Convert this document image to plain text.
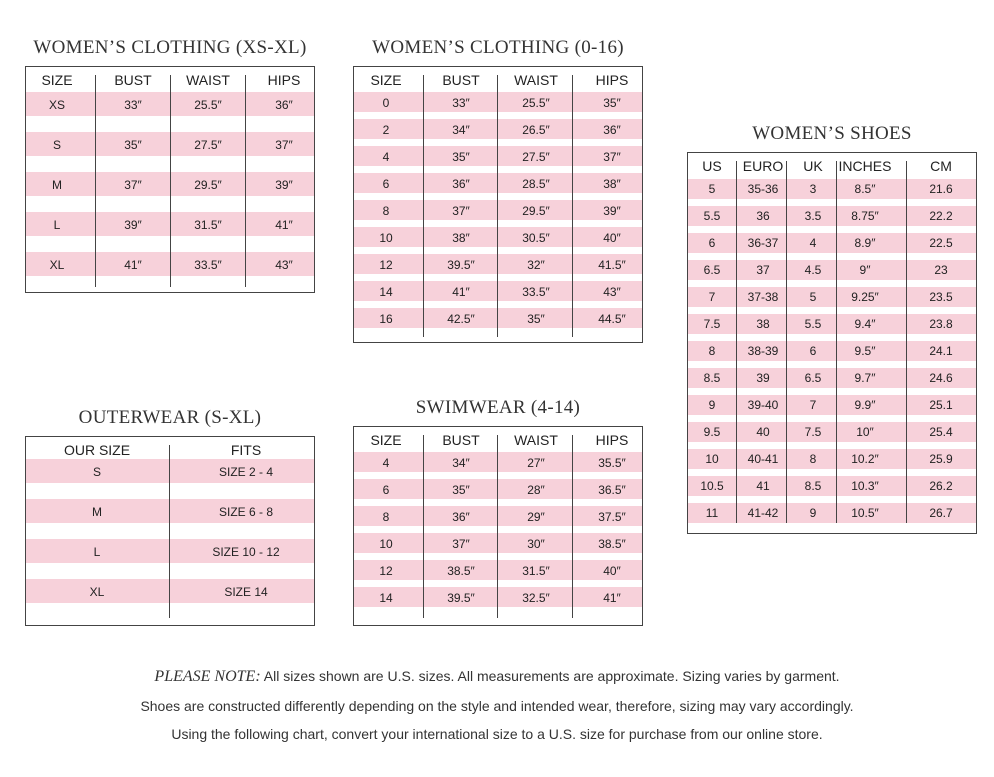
WOMEN’S CLOTHING (XS-XL)	WOMEN’S CLOTHING (0-16)
WOMEN’S SHOES
OUTERWEAR (S-XL)	SWIMWEAR (4-14)
SIZE	BUST WAIST	HIPS
XS	33″	25.5″	36″
S	35″	27.5″	37″
M	37″	29.5″	39″
L	39″	31.5″	41″
XL	41″	33.5″	43″
SIZE	BUST WAIST	HIPS
0	33″	25.5″	35″
2	34″	26.5″	36″
4	35″	27.5″	37″
6	36″	28.5″	38″
8	37″	29.5″	39″
10	38″	30.5″	40″
12	39.5″	32″	41.5″
14	41″	33.5″	43″
16	42.5″	35″	44.5″
US EURO UK INCHES	CM
5	35-36	3	8.5″	21.6
5.5	36	3.5 8.75″	22.2
6	36-37	4	8.9″	22.5
6.5	37	4.5	9″	23
7	37-38	5	9.25″	23.5
7.5	38	5.5	9.4″	23.8
8	38-39	6	9.5″	24.1
8.5	39	6.5	9.7″	24.6
9	39-40	7	9.9″	25.1
9.5	40	7.5	10″	25.4
10 40-41	8	10.2″	25.9
10.5	41	8.5 10.3″	26.2
11 41-42	9	10.5″	26.7
OUR SIZE	FITS
S	SIZE 2 - 4
M	SIZE 6 - 8
L	SIZE 10 - 12
XL	SIZE 14
SIZE	BUST WAIST	HIPS
4	34″	27″	35.5″
6	35″	28″	36.5″
8	36″	29″	37.5″
10	37″	30″	38.5″
12	38.5″	31.5″	40″
14	39.5″	32.5″	41″
PLEASE NOTE: All sizes shown are U.S. sizes. All measurements are approximate. Sizing varies by garment.
Shoes are constructed differently depending on the style and intended wear, therefore, sizing may vary accordingly.
Using the following chart, convert your international size to a U.S. size for purchase from our online store.
